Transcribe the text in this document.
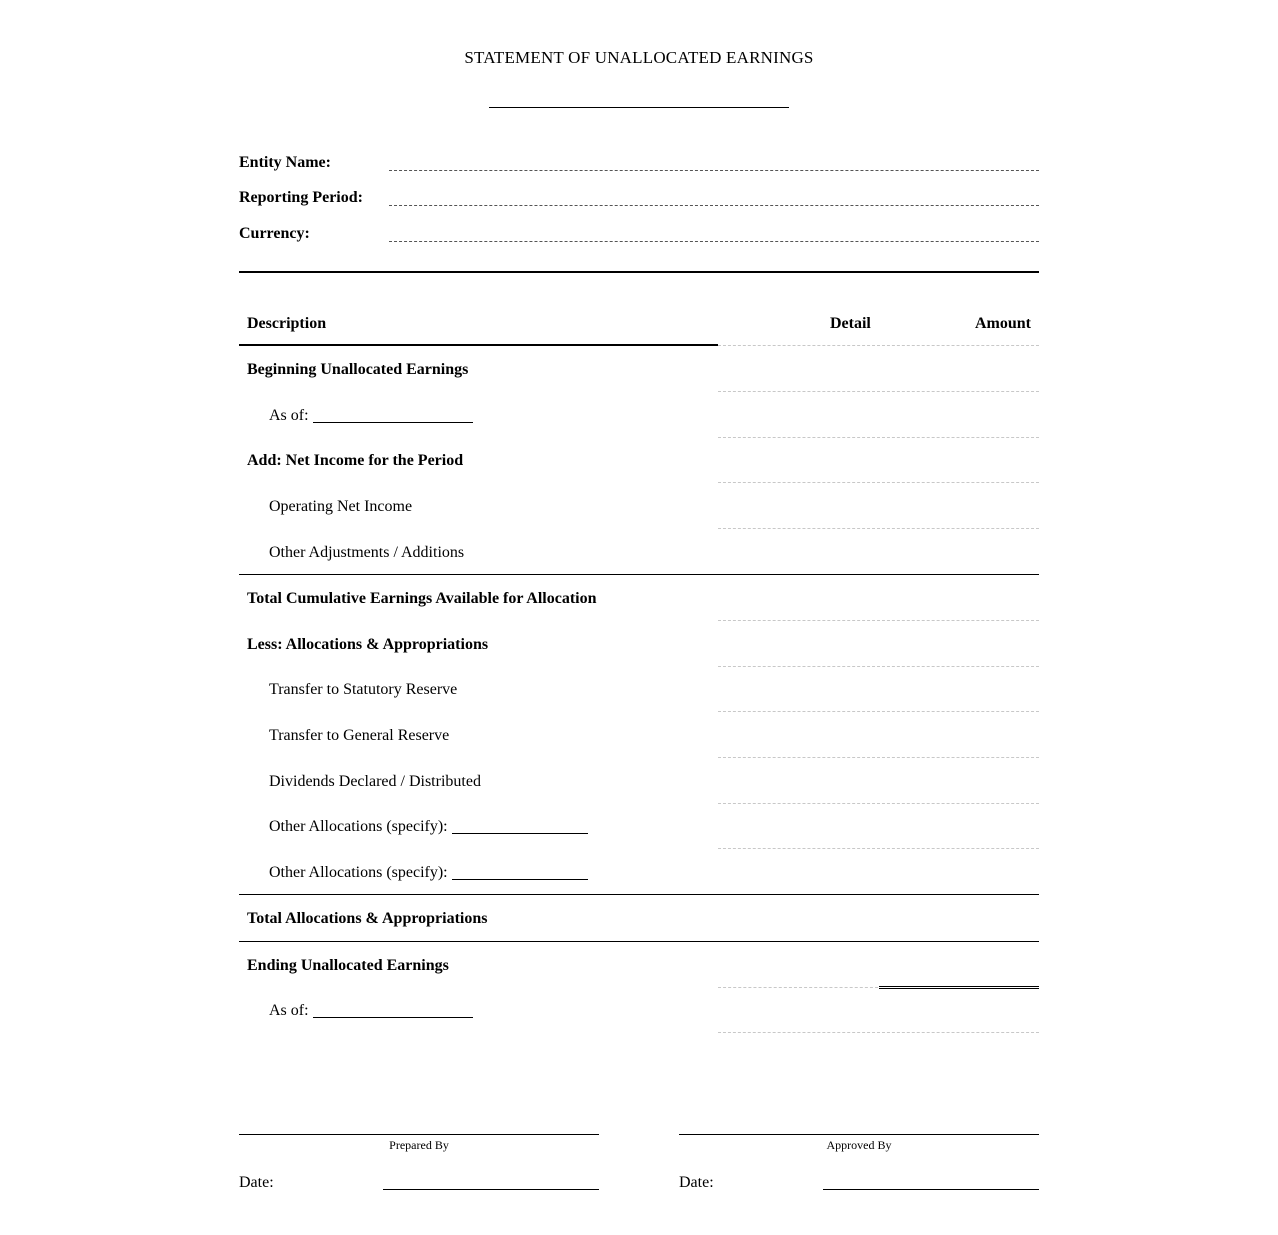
STATEMENT OF UNALLOCATED EARNINGS
Entity Name:
Reporting Period:
Currency:
Description	Detail	Amount
Beginning Unallocated Earnings
As of:
Add: Net Income for the Period
Operating Net Income
Other Adjustments / Additions
Total Cumulative Earnings Available for Allocation
Less: Allocations & Appropriations
Transfer to Statutory Reserve
Transfer to General Reserve
Dividends Declared / Distributed
Other Allocations (specify):
Other Allocations (specify):
Total Allocations & Appropriations
Ending Unallocated Earnings
As of:
Prepared By	Approved By
Date:	Date:
